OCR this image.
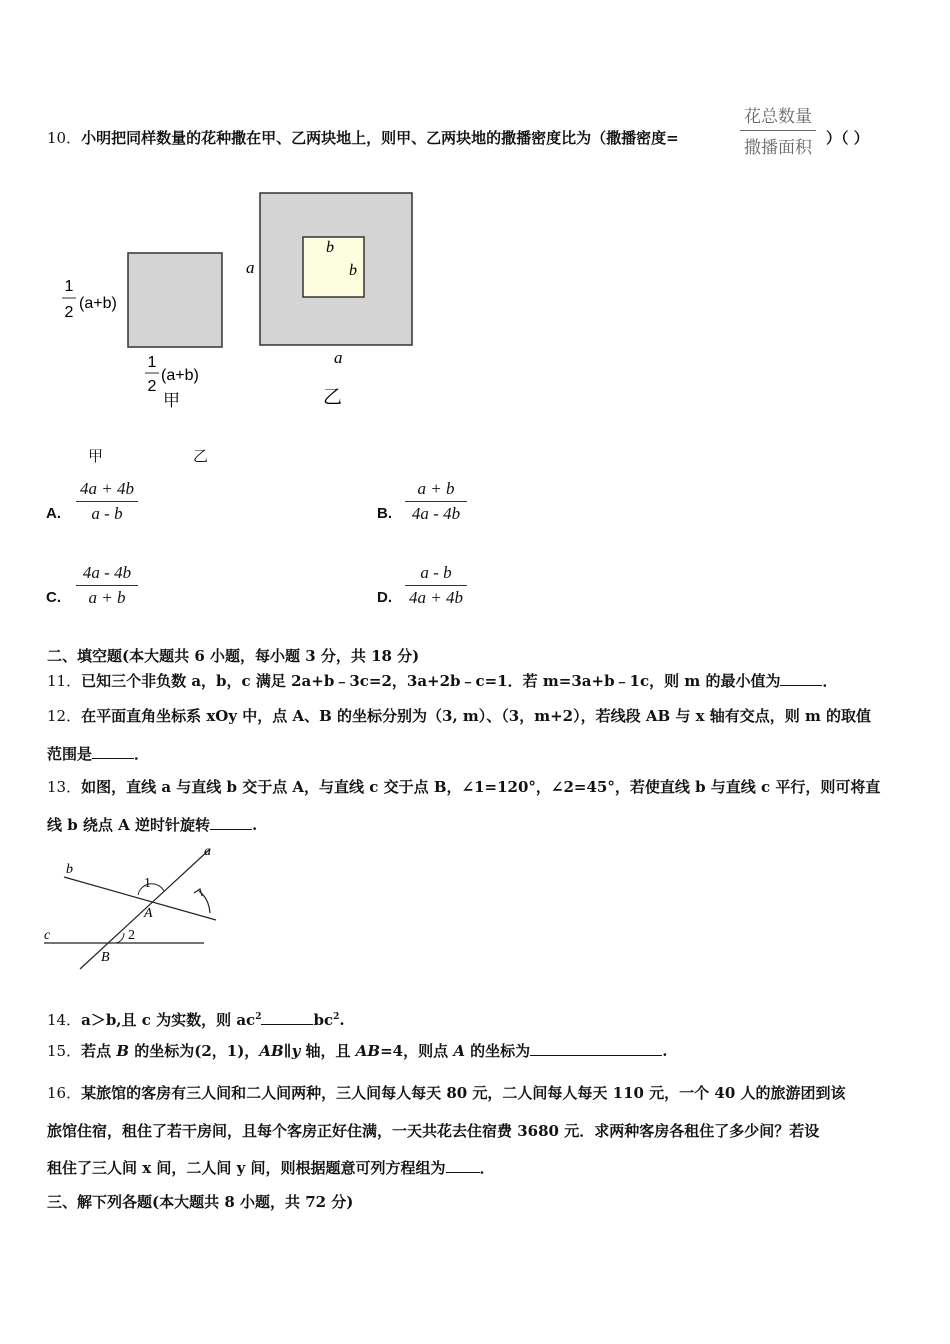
10．小明把同样数量的花种撒在甲、乙两块地上，则甲、乙两块地的撒播密度比为（撒播密度=
花总数量
撒播面积 ）（ ）
1
2
(a+b)
1
2
(a+b)
甲
a
a
b
b
乙
甲	乙
A. $\frac{4a + 4b}{a - b}$	B. $\frac{a + b}{4a - 4b}$
C. $\frac{4a - 4b}{a + b}$	D. $\frac{a - b}{4a + 4b}$
二、填空题(本大题共 6 小题，每小题 3 分，共 18 分)
11．已知三个非负数 a，b，c 满足 2a+b﹣3c=2，3a+2b﹣c=1．若 m=3a+b﹣1c，则 m 的最小值为	．
12．在平面直角坐标系 xOy 中，点 A、B 的坐标分别为（3, m）、（3，m+2），若线段 AB 与 x 轴有交点，则 m 的取值
范围是	．
13．如图，直线 a 与直线 b 交于点 A，与直线 c 交于点 B，∠1=120°，∠2=45°，若使直线 b 与直线 c 平行，则可将直
线 b 绕点 A 逆时针旋转	.
a
b
c
A
B
1
2
14．a＞b,且 c 为实数，则 $ac^2$	$bc^2$.
15．若点 B 的坐标为(2，1)，AB∥y 轴，且 AB=4，则点 A 的坐标为	.
16．某旅馆的客房有三人间和二人间两种，三人间每人每天 80 元，二人间每人每天 110 元，一个 40 人的旅游团到该
旅馆住宿，租住了若干房间，且每个客房正好住满，一天共花去住宿费 3680 元．求两种客房各租住了多少间？若设
租住了三人间 x 间，二人间 y 间，则根据题意可列方程组为 ．
三、解下列各题(本大题共 8 小题，共 72 分)
